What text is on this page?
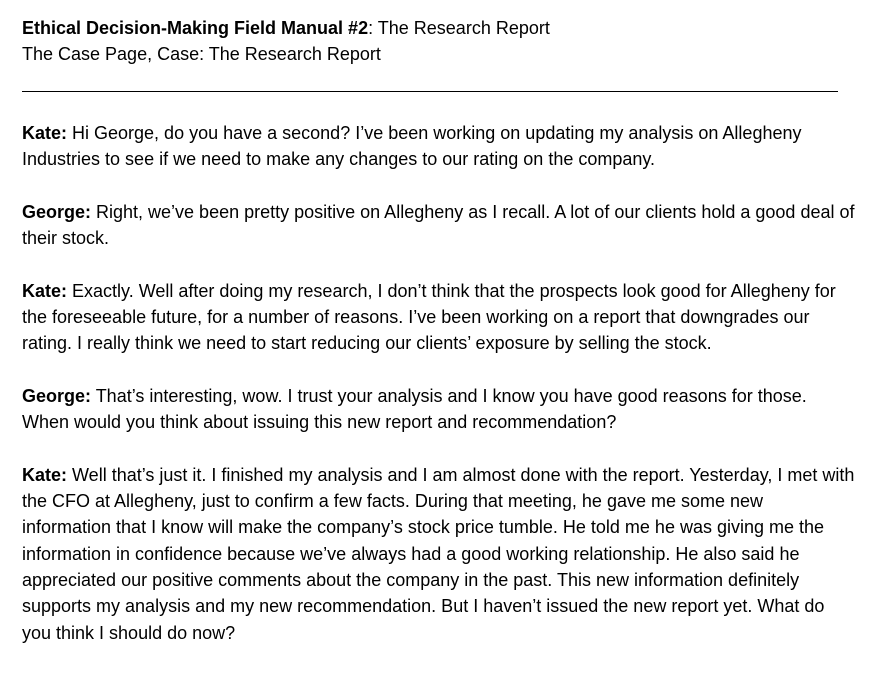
Ethical Decision-Making Field Manual #2: The Research Report
The Case Page, Case: The Research Report

Kate: Hi George, do you have a second? I’ve been working on updating my analysis on Allegheny Industries to see if we need to make any changes to our rating on the company.

George: Right, we’ve been pretty positive on Allegheny as I recall. A lot of our clients hold a good deal of their stock.

Kate: Exactly. Well after doing my research, I don’t think that the prospects look good for Allegheny for the foreseeable future, for a number of reasons. I’ve been working on a report that downgrades our rating. I really think we need to start reducing our clients’ exposure by selling the stock.

George: That’s interesting, wow. I trust your analysis and I know you have good reasons for those. When would you think about issuing this new report and recommendation?

Kate: Well that’s just it. I finished my analysis and I am almost done with the report. Yesterday, I met with the CFO at Allegheny, just to confirm a few facts. During that meeting, he gave me some new information that I know will make the company’s stock price tumble. He told me he was giving me the information in confidence because we’ve always had a good working relationship. He also said he appreciated our positive comments about the company in the past. This new information definitely supports my analysis and my new recommendation. But I haven’t issued the new report yet. What do you think I should do now?
